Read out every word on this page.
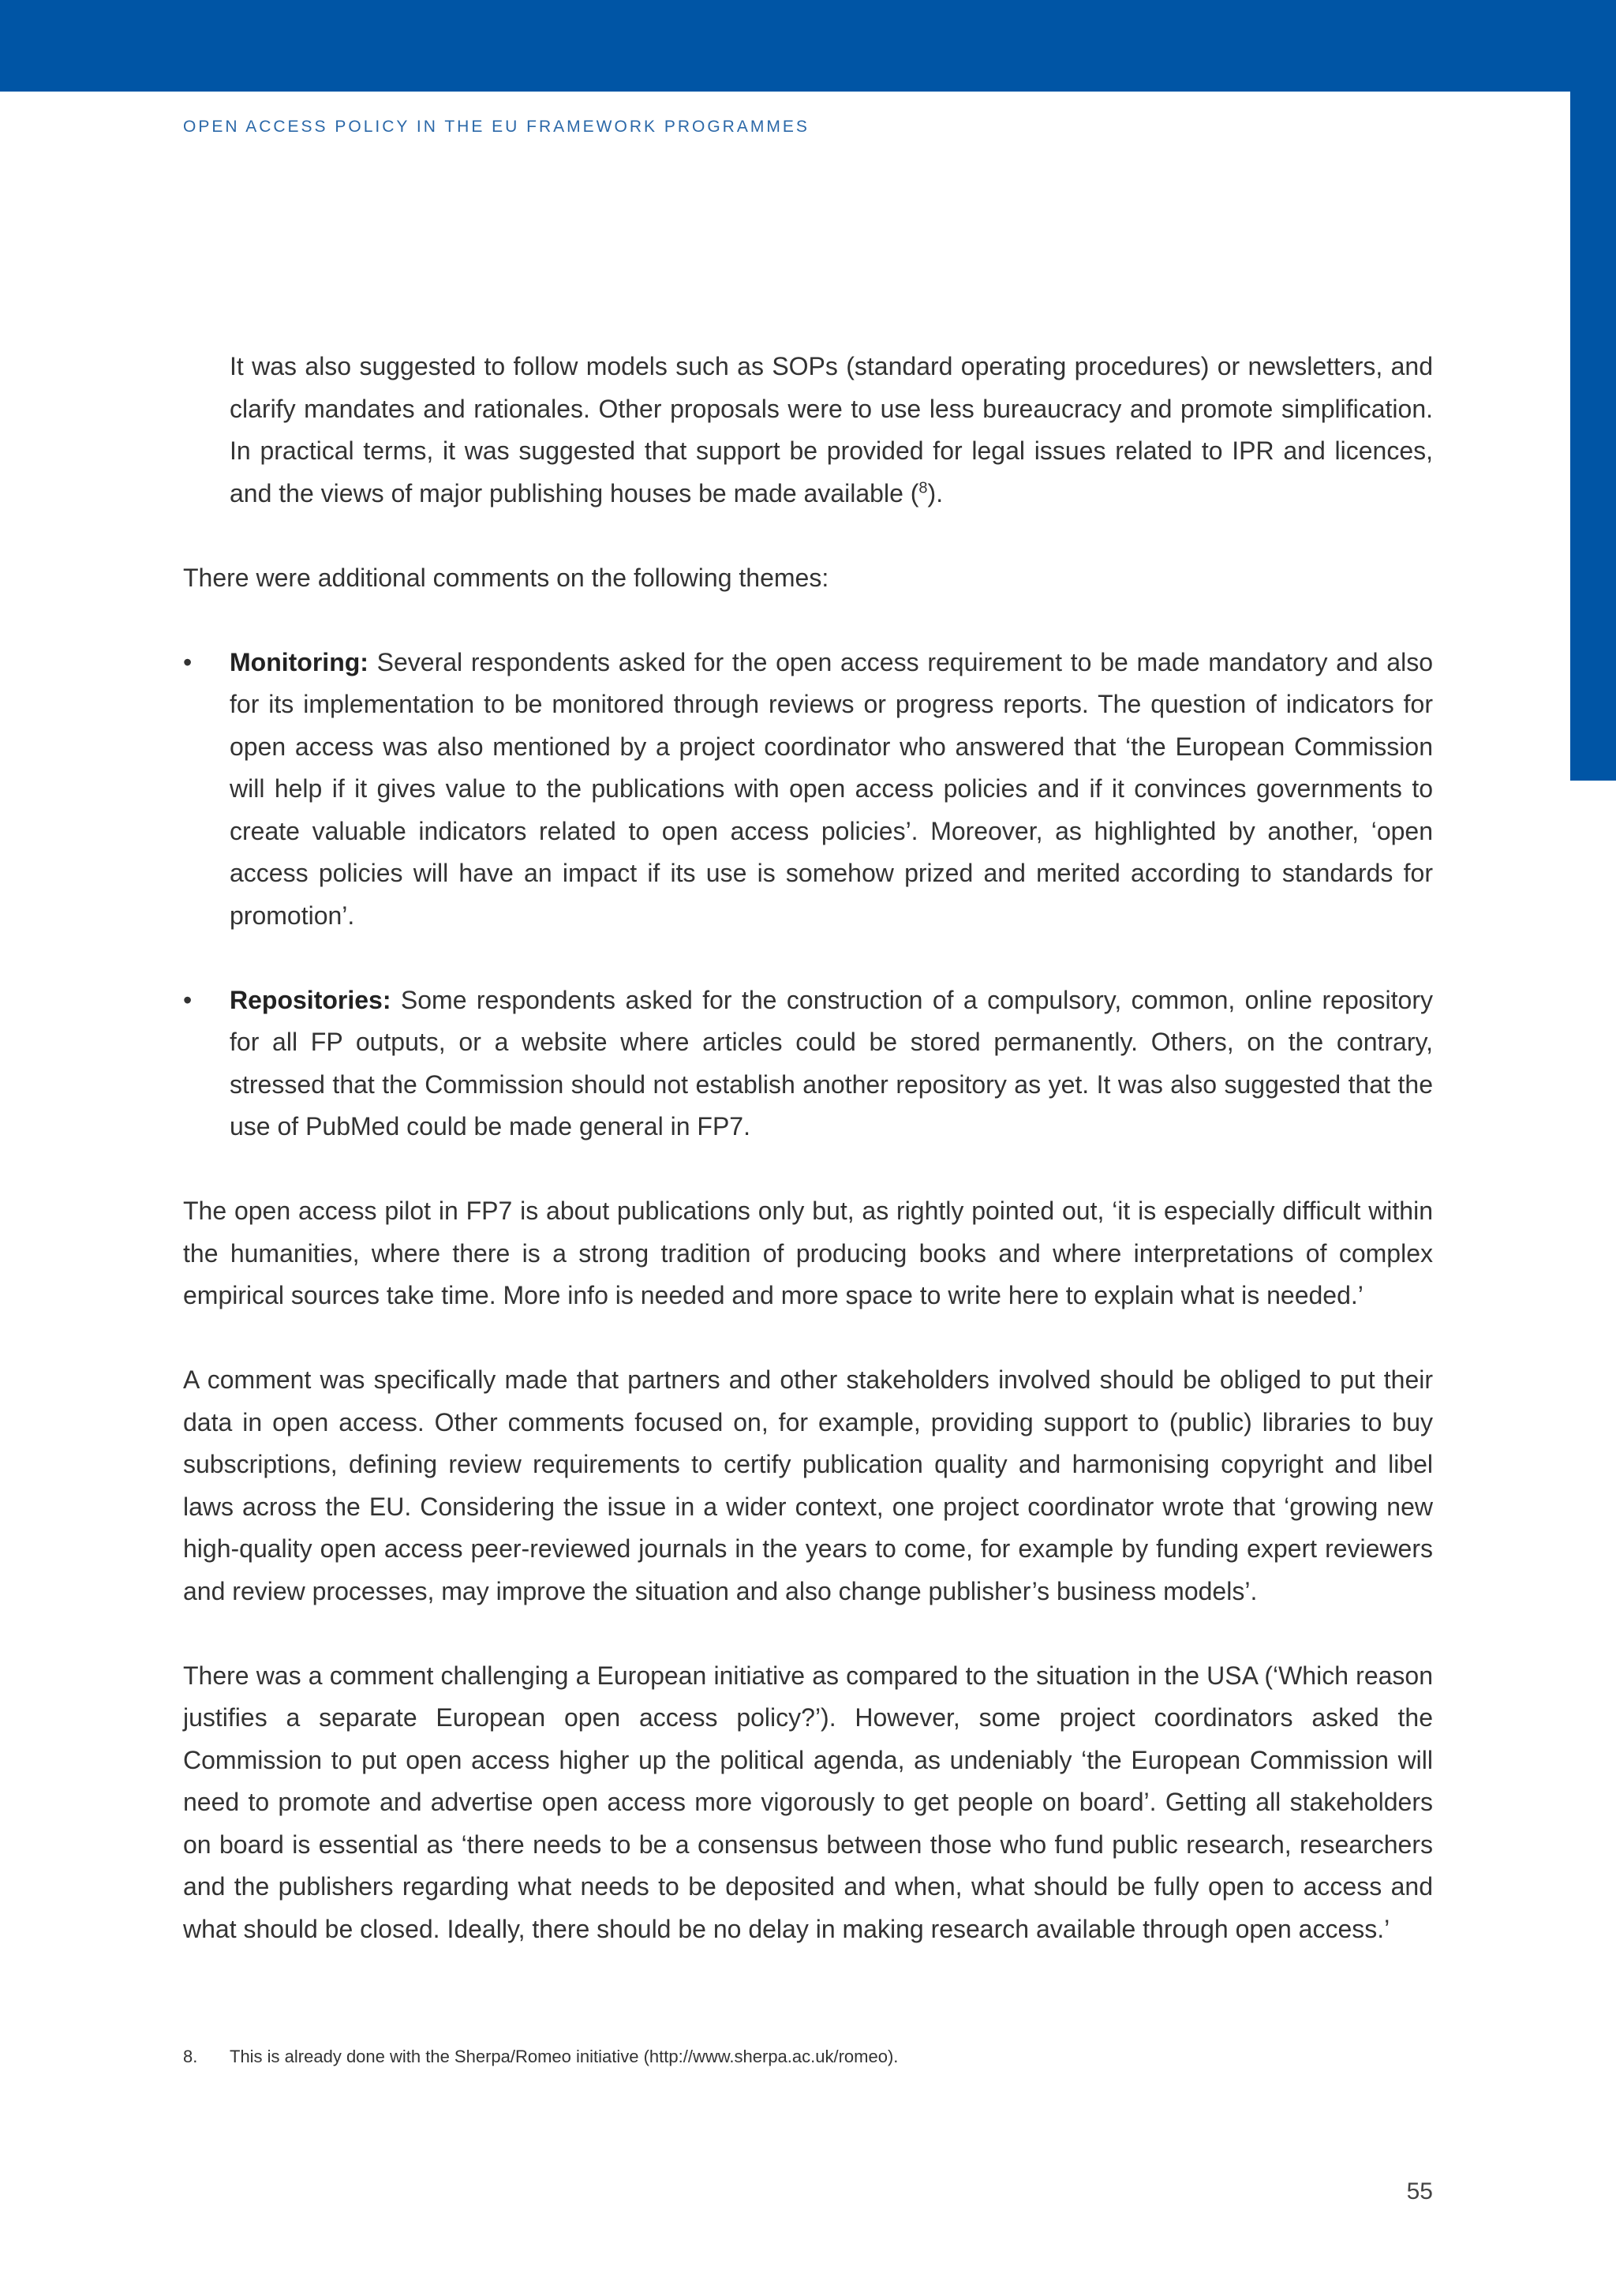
OPEN ACCESS POLICY IN THE EU FRAMEWORK PROGRAMMES

It was also suggested to follow models such as SOPs (standard operating procedures) or newsletters, and clarify mandates and rationales. Other proposals were to use less bureaucracy and promote simplification. In practical terms, it was suggested that support be provided for legal issues related to IPR and licences, and the views of major publishing houses be made available ($^8$).

There were additional comments on the following themes:

• Monitoring: Several respondents asked for the open access requirement to be made mandatory and also for its implementation to be monitored through reviews or progress reports. The question of indicators for open access was also mentioned by a project coordinator who answered that ‘the European Commission will help if it gives value to the publications with open access policies and if it convinces governments to create valuable indicators related to open access policies’. Moreover, as highlighted by another, ‘open access policies will have an impact if its use is somehow prized and merited according to standards for promotion’.
• Repositories: Some respondents asked for the construction of a compulsory, common, online repository for all FP outputs, or a website where articles could be stored permanently. Others, on the contrary, stressed that the Commission should not establish another repository as yet. It was also suggested that the use of PubMed could be made general in FP7.

The open access pilot in FP7 is about publications only but, as rightly pointed out, ‘it is especially difficult within the humanities, where there is a strong tradition of producing books and where interpretations of complex empirical sources take time. More info is needed and more space to write here to explain what is needed.’

A comment was specifically made that partners and other stakeholders involved should be obliged to put their data in open access. Other comments focused on, for example, providing support to (public) libraries to buy subscriptions, defining review requirements to certify publication quality and harmonising copyright and libel laws across the EU. Considering the issue in a wider context, one project coordinator wrote that ‘growing new high-quality open access peer-reviewed journals in the years to come, for example by funding expert reviewers and review processes, may improve the situation and also change publisher’s business models’.

There was a comment challenging a European initiative as compared to the situation in the USA (‘Which reason justifies a separate European open access policy?’). However, some project coordinators asked the Commission to put open access higher up the political agenda, as undeniably ‘the European Commission will need to promote and advertise open access more vigorously to get people on board’. Getting all stakeholders on board is essential as ‘there needs to be a consensus between those who fund public research, researchers and the publishers regarding what needs to be deposited and when, what should be fully open to access and what should be closed. Ideally, there should be no delay in making research available through open access.’

8.	This is already done with the Sherpa/Romeo initiative (http://www.sherpa.ac.uk/romeo).
55
